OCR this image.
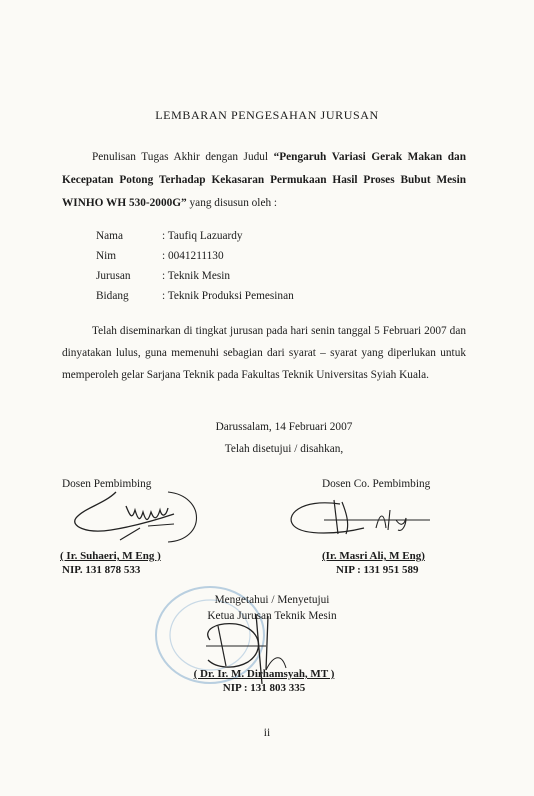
LEMBARAN PENGESAHAN JURUSAN
Penulisan Tugas Akhir dengan Judul “Pengaruh Variasi Gerak Makan dan Kecepatan Potong Terhadap Kekasaran Permukaan Hasil Proses Bubut Mesin WINHO WH 530-2000G” yang disusun oleh :
Nama	: Taufiq Lazuardy
Nim	: 0041211130
Jurusan	: Teknik Mesin
Bidang	: Teknik Produksi Pemesinan
Telah diseminarkan di tingkat jurusan pada hari senin tanggal 5 Februari 2007 dan dinyatakan lulus, guna memenuhi sebagian dari syarat – syarat yang diperlukan untuk memperoleh gelar Sarjana Teknik pada Fakultas Teknik Universitas Syiah Kuala.
Darussalam, 14 Februari 2007
Telah disetujui / disahkan,
Dosen Pembimbing
( Ir. Suhaeri, M Eng )
NIP. 131 878 533
Dosen Co. Pembimbing
(Ir. Masri Ali, M Eng)
NIP : 131 951 589
Mengetahui / Menyetujui
Ketua Jurusan Teknik Mesin
( Dr. Ir. M. Dirhamsyah, MT )
NIP : 131 803 335
ii
